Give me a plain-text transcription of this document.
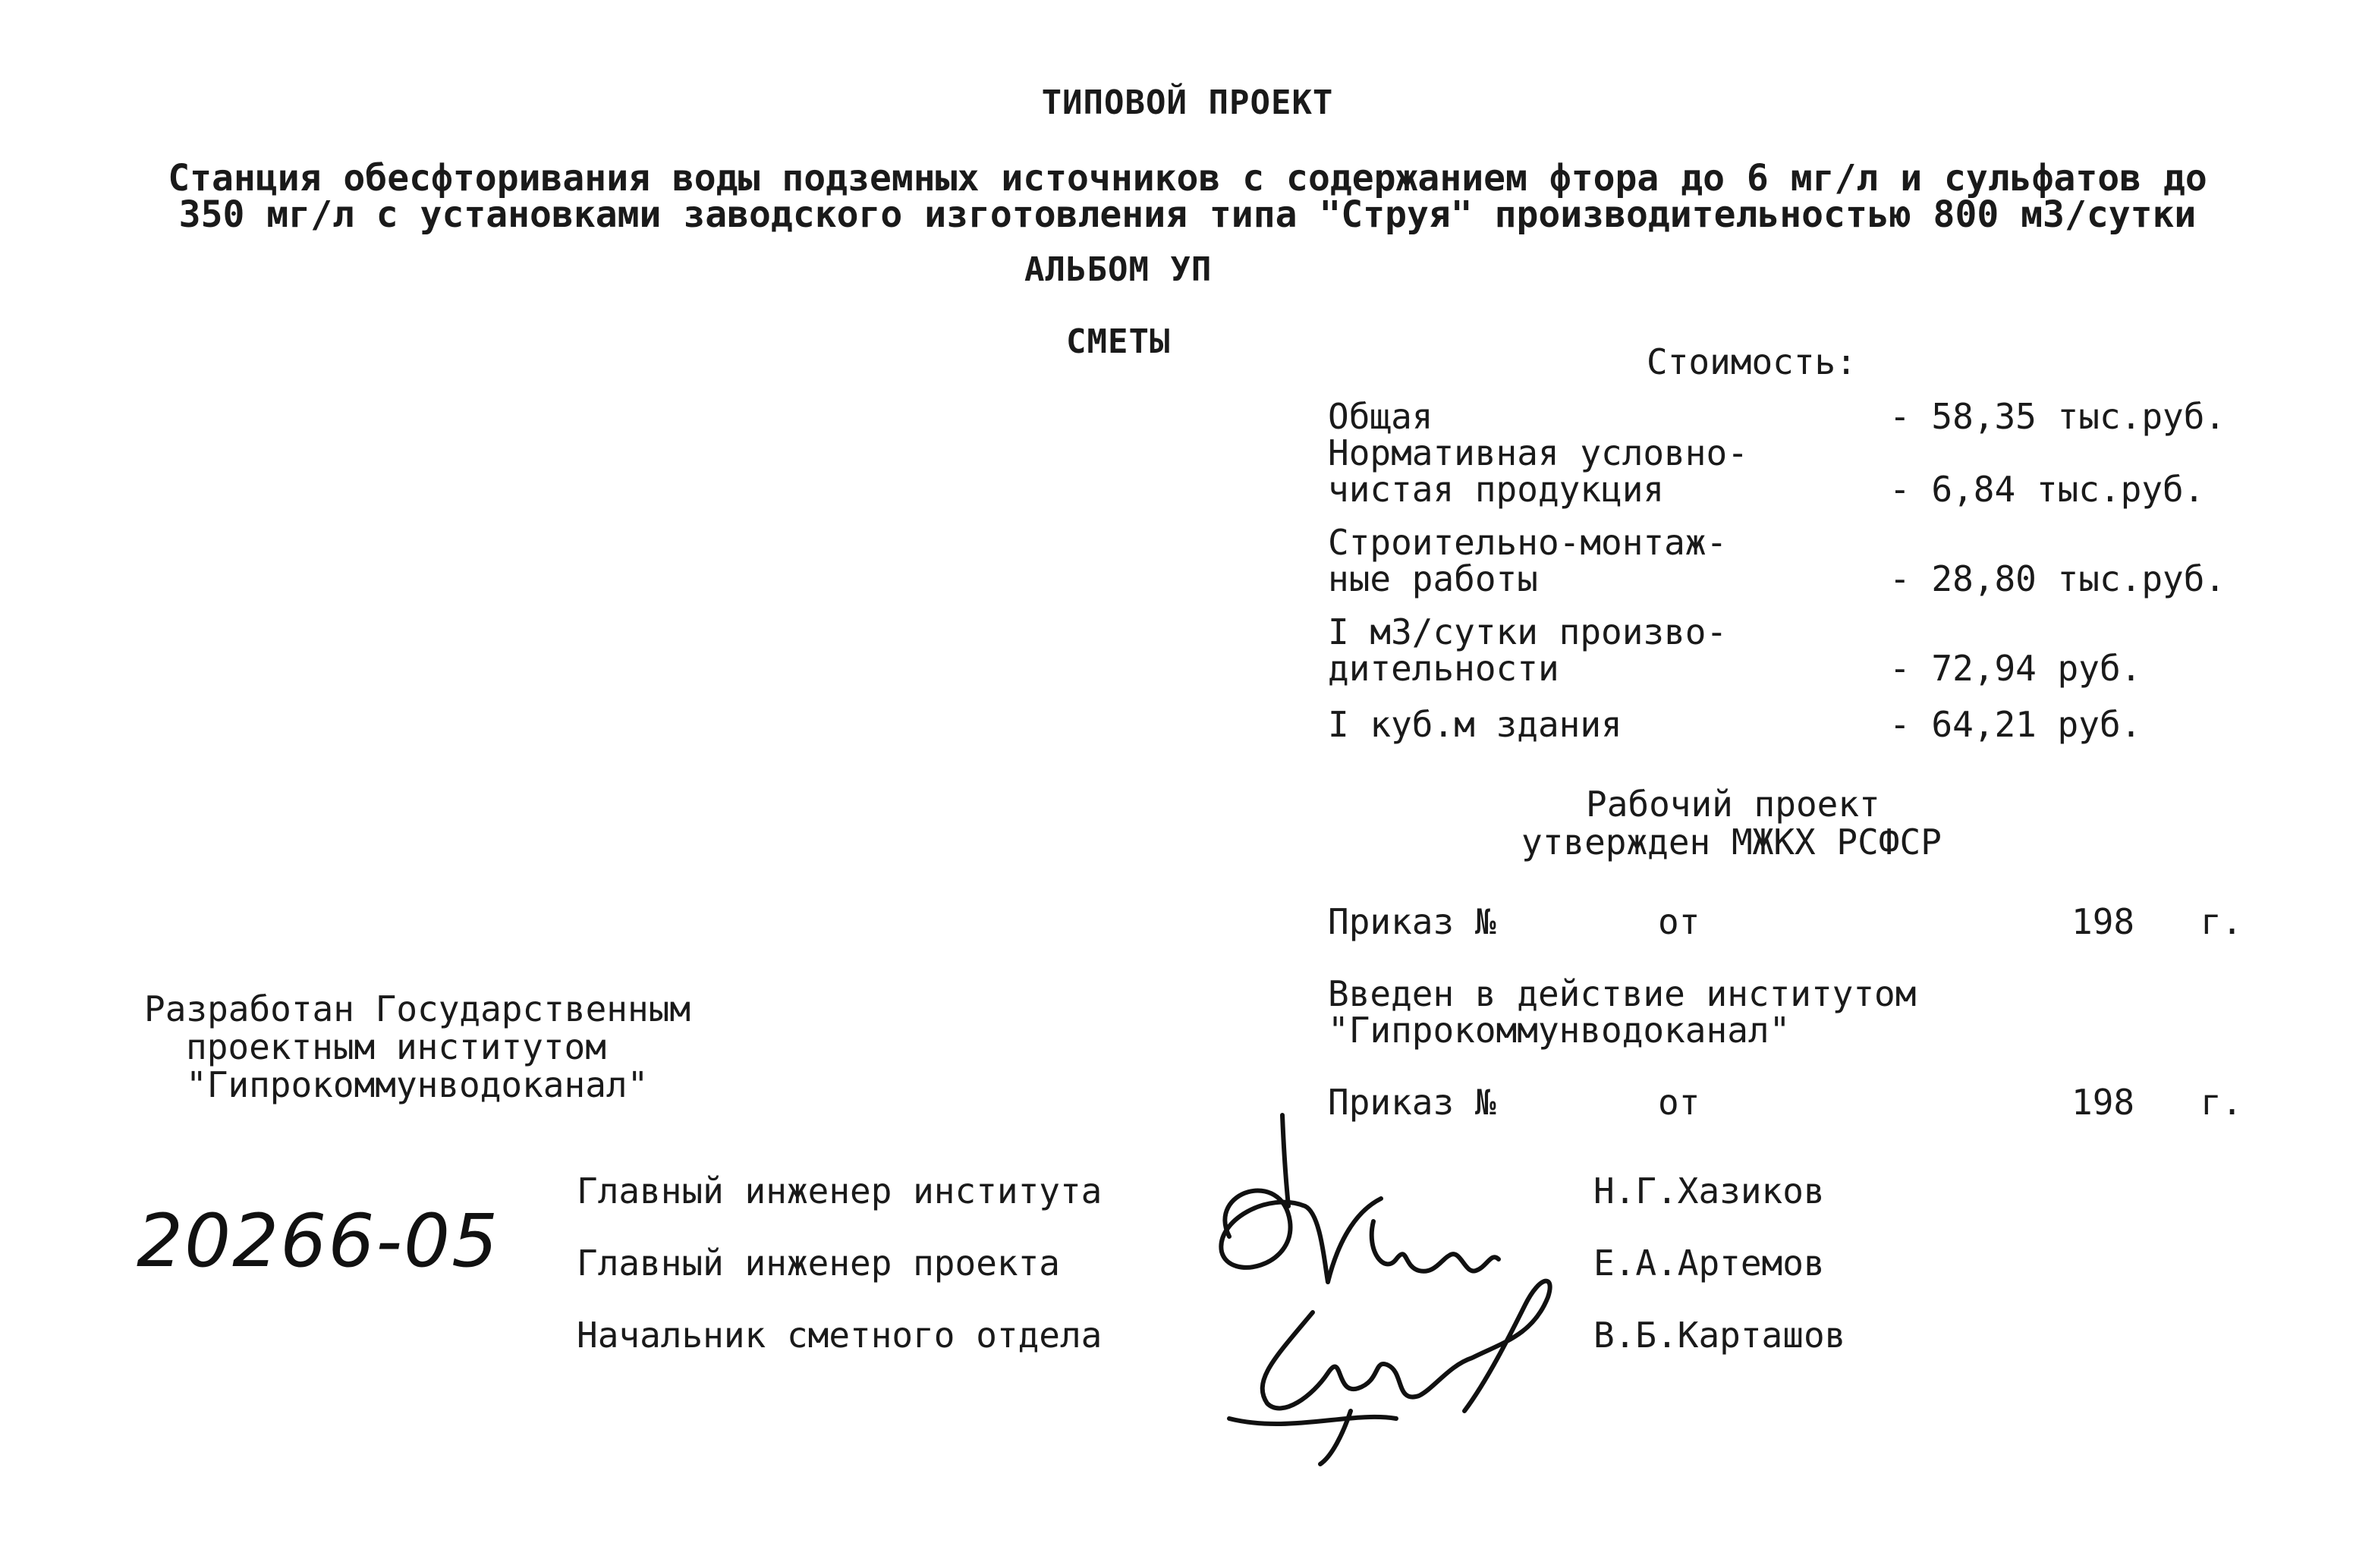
ТИПОВОЙ ПРОЕКТ
Станция обесфторивания воды подземных источников с содержанием фтора до 6 мг/л и сульфатов до
350 мг/л с установками заводского изготовления типа "Струя" производительностью 800 м3/сутки
АЛЬБОМ УП
СМЕТЫ	Стоимость:
Общая	- 58,35 тыс.руб.
Нормативная условно-
чистая продукция	- 6,84 тыс.руб.
Строительно-монтаж-
ные работы	- 28,80 тыс.руб.
I м3/сутки произво-
дительности	- 72,94 руб.
I куб.м здания	- 64,21 руб.
Рабочий проект
утвержден МЖКХ РСФСР
Приказ №	от	198 г.
Введен в действие институтом
"Гипрокоммунводоканал"
Приказ №	от	198 г.
Разработан Государственным
проектным институтом
"Гипрокоммунводоканал"
20266-05
Главный инженер института	Н.Г.Хазиков
Главный инженер проекта	Е.А.Артемов
Начальник сметного отдела	В.Б.Карташов
